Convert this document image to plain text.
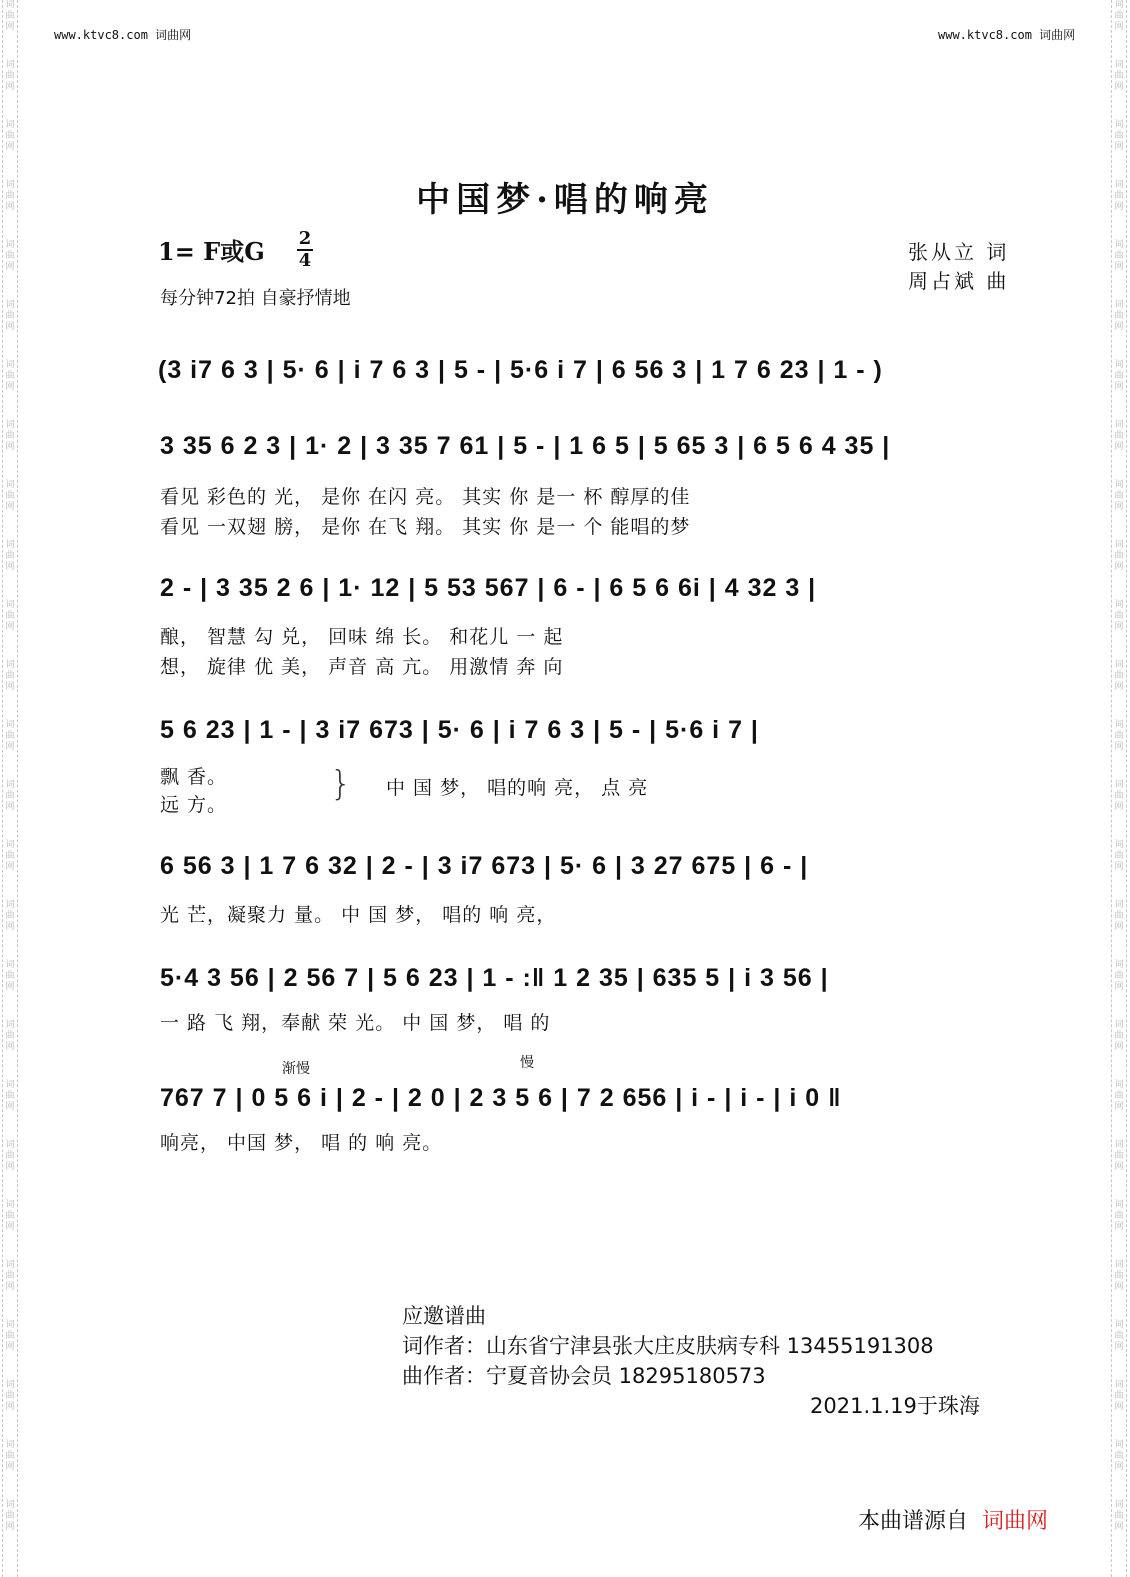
词
曲
网
词
曲
网
词
曲
网
词
曲
网
词
曲
网
词
曲
网
词
曲
网
词
曲
网
词
曲
网
词
曲
网
词
曲
网
词
曲
网
词
曲
网
词
曲
网
词
曲
网
词
曲
网
词
曲
网
词
曲
网
词
曲
网
词
曲
网
词
曲
网
词
曲
网
词
曲
网
词
曲
网
词
曲
网
词
曲
网
词
曲
网
词
曲
网
词
曲
网
词
曲
网
词
曲
网
词
曲
网
词
曲
网
词
曲
网
词
曲
网
词
曲
网
词
曲
网
词
曲
网
词
曲
网
词
曲
网
词
曲
网
词
曲
网
词
曲
网
词
曲
网
词
曲
网
词
曲
网
词
曲
网
词
曲
网
词
曲
网
词
曲
网
词
曲
网
词
曲
网
www.ktvc8.com 词曲网	www.ktvc8.com 词曲网
中国梦·唱的响亮
1= F或G 2
4
每分钟72拍 自豪抒情地
张从立 词
周占斌 曲
(3 i7 6 3 | 5· 6 | i 7 6 3 | 5 - | 5·6 i 7 | 6 56 3 | 1 7 6 23 | 1 - )
3 35 6 2 3 | 1· 2 | 3 35 7 61 | 5 - | 1 6 5 | 5 65 3 | 6 5 6 4 35 |
看见 彩色的 光， 是你 在闪 亮。 其实 你 是一 杯 醇厚的佳
看见 一双翅 膀， 是你 在飞 翔。 其实 你 是一 个 能唱的梦
2 - | 3 35 2 6 | 1· 12 | 5 53 567 | 6 - | 6 5 6 6i | 4 32 3 |
酿， 智慧 勾 兑， 回味 绵 长。 和花儿 一 起
想， 旋律 优 美， 声音 高 亢。 用激情 奔 向
5 6 23 | 1 - | 3 i7 673 | 5· 6 | i 7 6 3 | 5 - | 5·6 i 7 |
飘 香。
远 方。
} 中 国 梦， 唱的响 亮， 点 亮
6 56 3 | 1 7 6 32 | 2 - | 3 i7 673 | 5· 6 | 3 27 675 | 6 - |
光 芒，凝聚力 量。 中 国 梦， 唱的 响 亮，
5·4 3 56 | 2 56 7 | 5 6 23 | 1 - :‖ 1 2 35 | 635 5 | i 3 56 |
一 路 飞 翔，奉献 荣 光。 中 国 梦， 唱 的
渐慢	慢
767 7 | 0 5 6 i | 2 - | 2 0 | 2 3 5 6 | 7 2 656 | i - | i - | i 0 ‖
响亮， 中国 梦， 唱 的 响 亮。
应邀谱曲
词作者：山东省宁津县张大庄皮肤病专科 13455191308
曲作者：宁夏音协会员 18295180573
2021.1.19于珠海
本曲谱源自 词曲网
